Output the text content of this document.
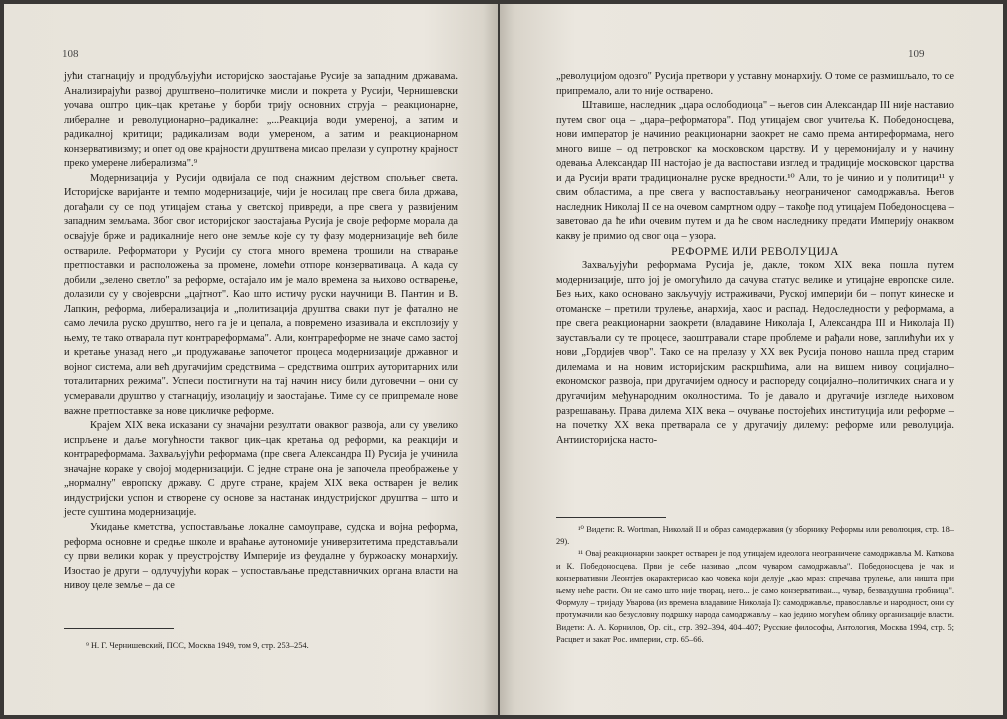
108

јући стагнацију и продубљујући историјско заостајање Русије за западним државама. Анализирајући развој друштвено–политичке мисли и покрета у Русији, Чернишевски уочава оштро цик–цак кретање у борби трију основних струја – реакционарне, либералне и револуционарно–радикалне: „...Реакција води умереној, а затим и радикалној критици; радикализам води умереном, а затим и реакционарном конзервативизму; и опет од ове крајности друштвена мисао прелази у супротну крајност преко умерене либерализма".⁹

Модернизација у Русији одвијала се под снажним дејством спољњег света. Историјске варијанте и темпо модернизације, чији је носилац пре свега била држава, догађали су се под утицајем стања у светској привреди, а пре свега у развијеним западним земљама. Због свог историјског заостајања Русија је своје реформе морала да освајује брже и радикалније него оне земље које су ту фазу модернизације већ биле остварилe. Реформатори у Русији су стога много времена трошили на стварање претпоставки и расположења за промене, ломећи отпоре конзервативаца. А када су добили „зелено светло" за реформе, остајало им је мало времена за њихово остварење, долазили су у својеврсни „цајтнот". Као што истичу руски научници В. Пантин и В. Лапкин, реформа, либерализација и „политизација друштва сваки пут је фатално не само лечила руско друштво, него га је и цепала, а повремено изазивала и експлозију у њему, те тако отварала пут контрареформама". Али, контрареформе не значе само застој и кретање уназад него „и продужавање започетог процеса модернизације државног и војног система, али већ другачијим средствима – средствима оштрих ауторитарних или тоталитарних режима". Успеси постигнути на тај начин нису били дуговечни – они су усмеравали друштво у стагнацију, изолацију и заостајање. Тиме су се припремале нове важне претпоставке за нове цикличке реформе.

Крајем XIX века исказани су значајни резултати оваквог развоја, али су увелико испрљене и даље могућности таквог цик–цак кретања од реформи, ка реакцији и контрареформама. Захваљујући реформама (пре свега Александра II) Русија је учинила значајне кораке у својој модернизацији. С једне стране она је започела преображење у „нормалну" европску државу. С друге стране, крајем XIX века остварен је велик индустријски успон и створене су основе за настанак индустријског друштва – што и јесте суштина модернизације.

Укидање кметства, успостављање локалне самоуправе, судска и војна реформа, реформа основне и средње школе и враћање аутономије универзитетима представљали су први велики корак у преустројству Империје из феудалне у буржоаску монархију. Изостао је други – одлучујући корак – успостављање представничких органа власти на нивоу целе земље – да се

⁹ Н. Г. Чернишевский, ПСС, Москва 1949, том 9, стр. 253–254.

109

„револуцијом одозго" Русија претвори у уставну монархију. О томе се размишљало, то се припремало, али то није остварено.

Штавише, наследник „цара ослободиоца" – његов син Александар III није наставио путем свог оца – „цара–реформатора". Под утицајем свог учитеља К. Победоносцева, нови император је начинио реакционарни заокрет не само према антиреформама, него много више – од петровског ка московском царству. И у церемонијалу и у начину одевања Александар III настојао је да васпостави изглед и традиције московског царства и да Русији врати традиционалне руске вредности.¹⁰ Али, то је чинио и у политици¹¹ у свим областима, а пре свега у васпостављању неограниченог самодржавља. Његов наследник Николај II се на очевом самртном одру – такође под утицајем Победоносцева – заветовао да ће ићи очевим путем и да ће свом наследнику предати Империју онаквом какву је примио од свог оца – узора.

РЕФОРМЕ ИЛИ РЕВОЛУЦИЈА

Захваљујући реформама Русија је, дакле, током XIX века пошла путем модернизације, што јој је омогућило да сачува статус велике и утицајне европске силе. Без њих, како основано закључују истраживачи, Руској империји би – попут кинеске и отоманске – претили трулење, анархија, хаос и распад. Недоследности у реформама, а пре свега реакционарни заокрети (владавине Николаја I, Александра III и Николаја II) заустављали су те процесе, заоштравали старе проблеме и рађали нове, заплићући их у нови „Гордијев чвор". Тако се на прелазу у XX век Русија поново нашла пред старим дилемама и на новим историјским раскршћима, али на вишем нивоу социјално–економског развоја, при другачијем односу и распореду социјално–политичких снага и у другачијим међународним околностима. То је давало и другачије изгледе њиховом разрешавању. Права дилема XIX века – очување постојећих институција или реформе – на почетку XX века претварала се у другачију дилему: реформе или револуција. Антиисторијска насто-

¹⁰ Видети: R. Wortman, Николай II и образ самодержавия (у зборнику Реформы или революция, стр. 18–29).

¹¹ Овај реакционарни заокрет остварен је под утицајем идеолога неограничене самодржавља М. Каткова и К. Победоносцева. Први је себе називао „псом чуваром самодржавља". Победоносцева је чак и конзервативни Леонтјев окарактерисао као човека који делује „као мраз: спречава трулење, али ништа при њему неће расти. Он не само што није творац, него... је само конзервативан..., чувар, безваздушна гробница". Формулу – тријаду Уварова (из времена владавине Николаја I): самодржавље, православље и народност, они су протумачили као безусловну подршку народа самодржављу – као једино могућем облику организације власти. Видети: А. А. Корнилов, Op. cit., стр. 392–394, 404–407; Русские философы, Антология, Москва 1994, стр. 5; Расцвет и закат Рос. империи, стр. 65–66.
